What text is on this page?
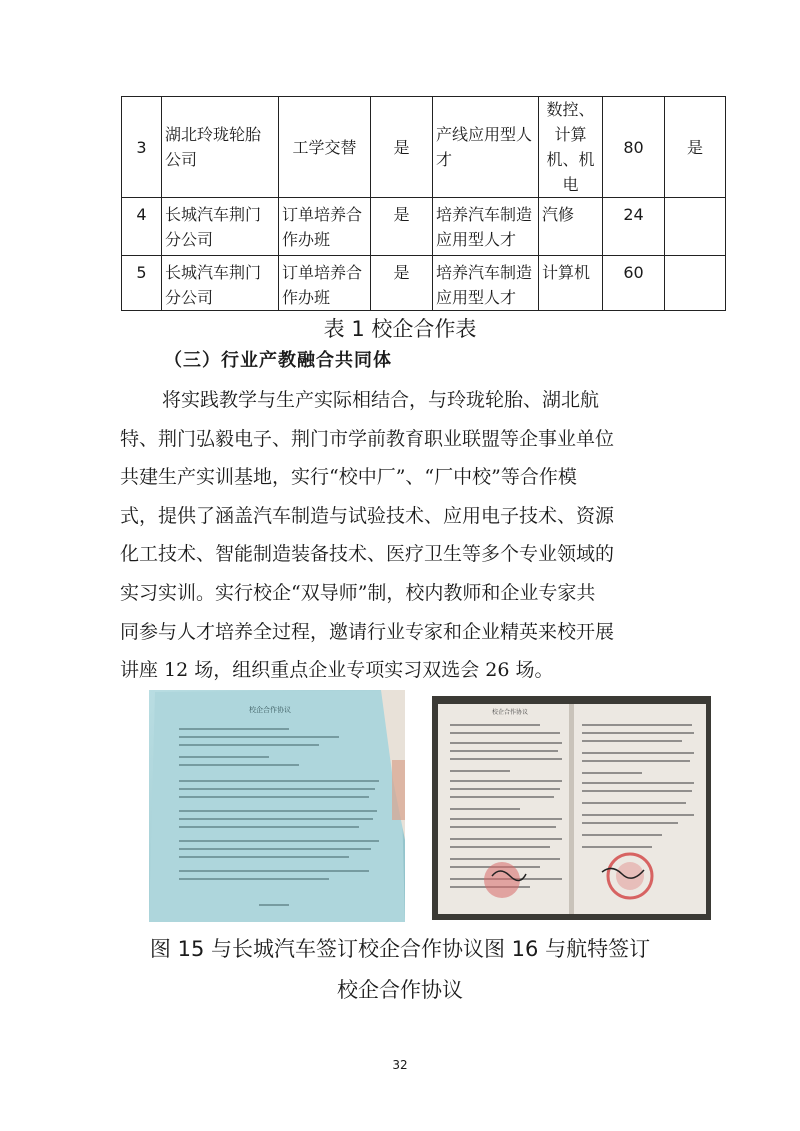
3	湖北玲珑轮胎公司	工学交替	是	产线应用型人才	数控、计算机、机电	80	是
4	长城汽车荆门分公司	订单培养合作办班	是	培养汽车制造应用型人才	汽修	24	
5	长城汽车荆门分公司	订单培养合作办班	是	培养汽车制造应用型人才	计算机	60	
表 1 校企合作表
（三）行业产教融合共同体
将实践教学与生产实际相结合，与玲珑轮胎、湖北航
特、荆门弘毅电子、荆门市学前教育职业联盟等企事业单位
共建生产实训基地，实行“校中厂”、“厂中校”等合作模
式，提供了涵盖汽车制造与试验技术、应用电子技术、资源
化工技术、智能制造装备技术、医疗卫生等多个专业领域的
实习实训。实行校企“双导师”制，校内教师和企业专家共
同参与人才培养全过程，邀请行业专家和企业精英来校开展
讲座 12 场，组织重点企业专项实习双选会 26 场。
校企合作协议	校企合作协议
图 15 与长城汽车签订校企合作协议图 16 与航特签订
校企合作协议
32
